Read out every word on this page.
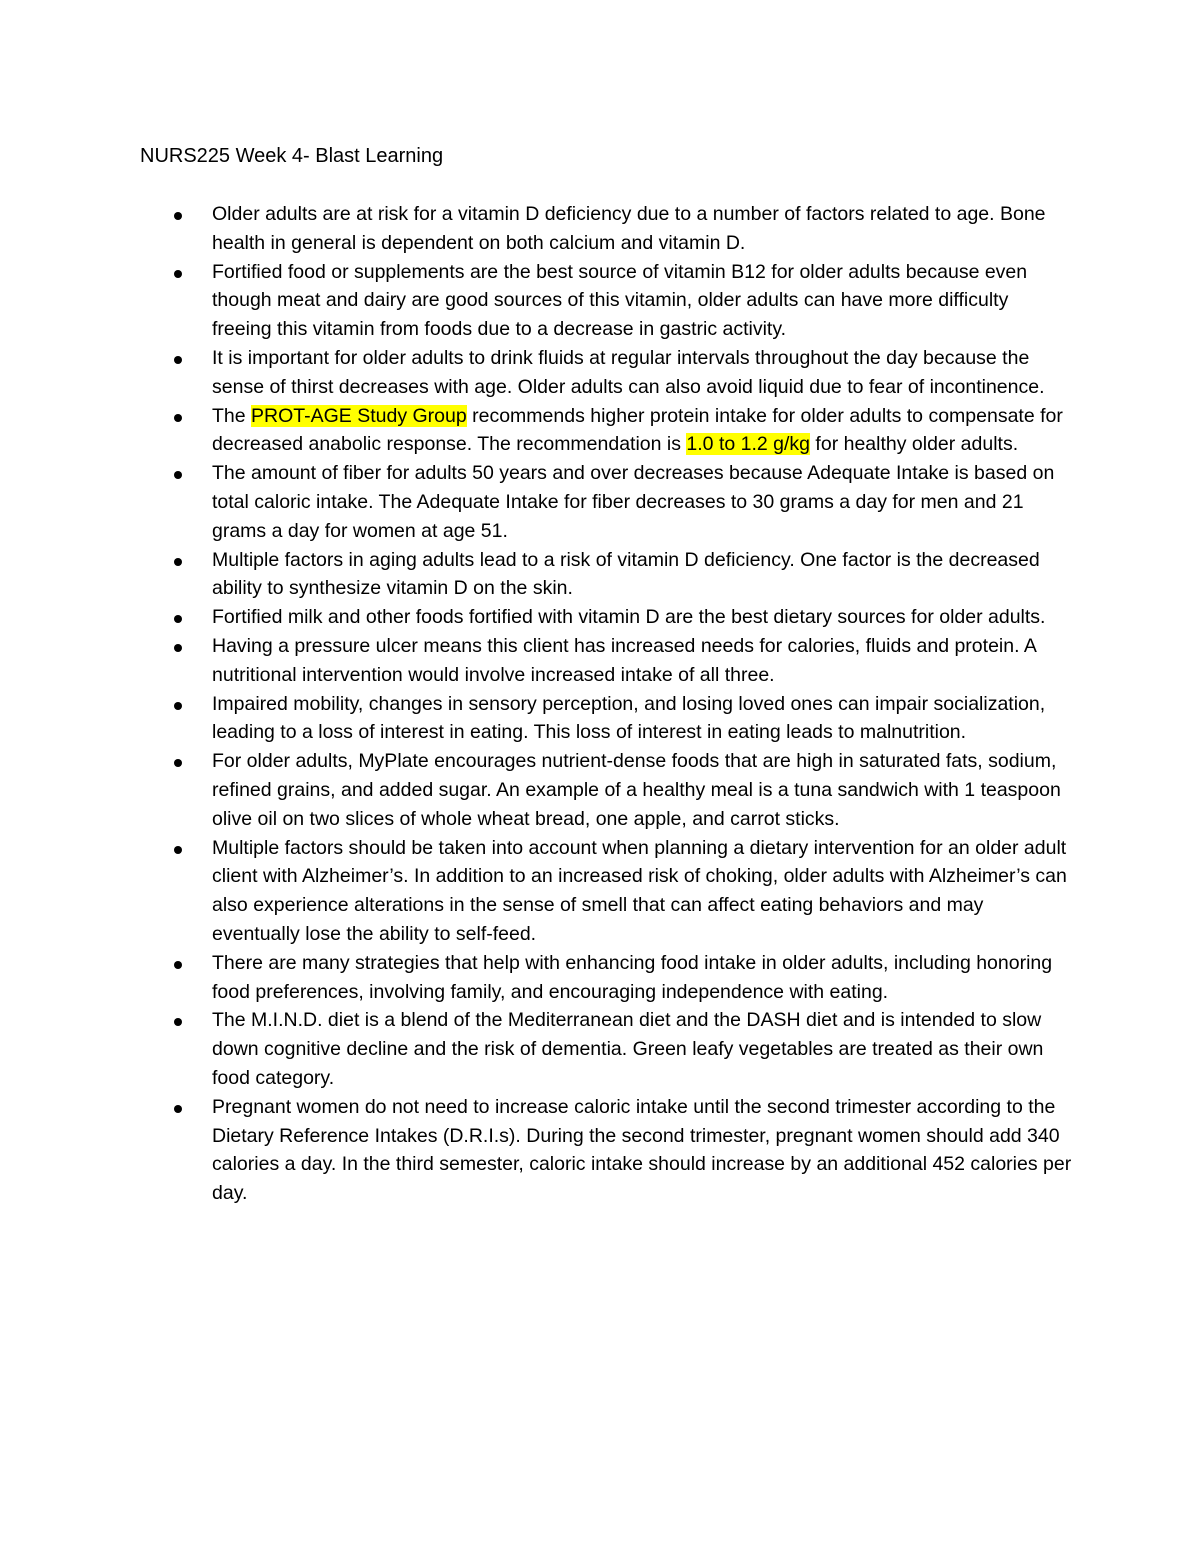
NURS225 Week 4- Blast Learning
Older adults are at risk for a vitamin D deficiency due to a number of factors related to age. Bone health in general is dependent on both calcium and vitamin D.
Fortified food or supplements are the best source of vitamin B12 for older adults because even though meat and dairy are good sources of this vitamin, older adults can have more difficulty freeing this vitamin from foods due to a decrease in gastric activity.
It is important for older adults to drink fluids at regular intervals throughout the day because the sense of thirst decreases with age. Older adults can also avoid liquid due to fear of incontinence.
The PROT-AGE Study Group recommends higher protein intake for older adults to compensate for decreased anabolic response. The recommendation is 1.0 to 1.2 g/kg for healthy older adults.
The amount of fiber for adults 50 years and over decreases because Adequate Intake is based on total caloric intake. The Adequate Intake for fiber decreases to 30 grams a day for men and 21 grams a day for women at age 51.
Multiple factors in aging adults lead to a risk of vitamin D deficiency. One factor is the decreased ability to synthesize vitamin D on the skin.
Fortified milk and other foods fortified with vitamin D are the best dietary sources for older adults.
Having a pressure ulcer means this client has increased needs for calories, fluids and protein. A nutritional intervention would involve increased intake of all three.
Impaired mobility, changes in sensory perception, and losing loved ones can impair socialization, leading to a loss of interest in eating. This loss of interest in eating leads to malnutrition.
For older adults, MyPlate encourages nutrient-dense foods that are high in saturated fats, sodium, refined grains, and added sugar. An example of a healthy meal is a tuna sandwich with 1 teaspoon olive oil on two slices of whole wheat bread, one apple, and carrot sticks.
Multiple factors should be taken into account when planning a dietary intervention for an older adult client with Alzheimer’s. In addition to an increased risk of choking, older adults with Alzheimer’s can also experience alterations in the sense of smell that can affect eating behaviors and may eventually lose the ability to self-feed.
There are many strategies that help with enhancing food intake in older adults, including honoring food preferences, involving family, and encouraging independence with eating.
The M.I.N.D. diet is a blend of the Mediterranean diet and the DASH diet and is intended to slow down cognitive decline and the risk of dementia. Green leafy vegetables are treated as their own food category.
Pregnant women do not need to increase caloric intake until the second trimester according to the Dietary Reference Intakes (D.R.I.s). During the second trimester, pregnant women should add 340 calories a day. In the third semester, caloric intake should increase by an additional 452 calories per day.
